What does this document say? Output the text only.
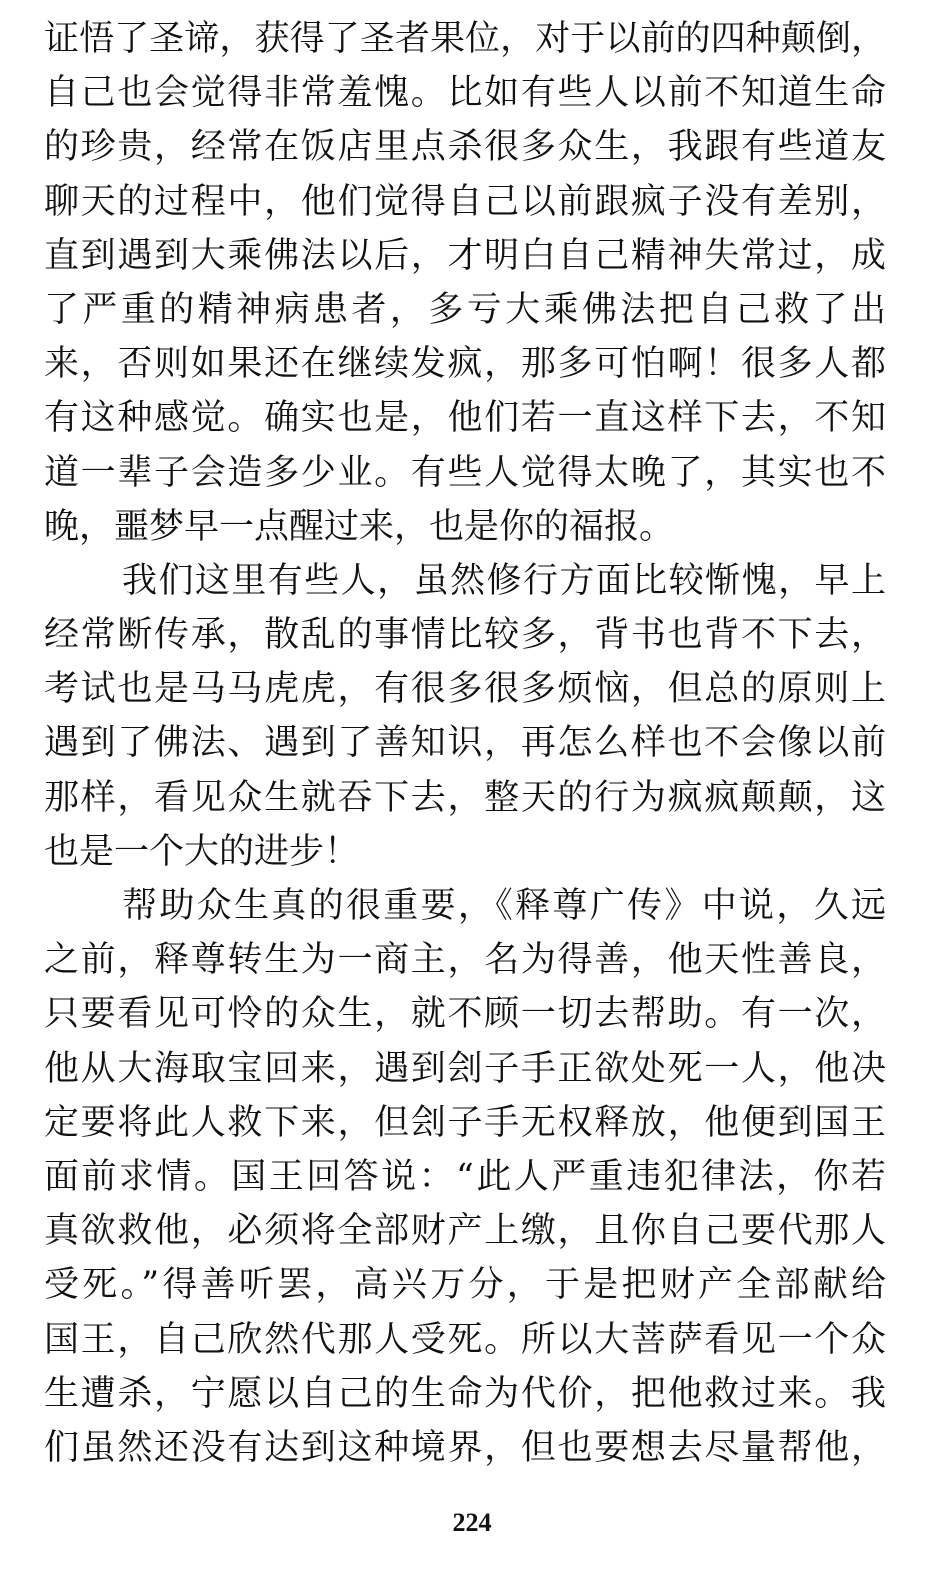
证悟了圣谛，获得了圣者果位，对于以前的四种颠倒，
自己也会觉得非常羞愧。比如有些人以前不知道生命
的珍贵，经常在饭店里点杀很多众生，我跟有些道友
聊天的过程中，他们觉得自己以前跟疯子没有差别，
直到遇到大乘佛法以后，才明白自己精神失常过，成
了严重的精神病患者，多亏大乘佛法把自己救了出
来，否则如果还在继续发疯，那多可怕啊！很多人都
有这种感觉。确实也是，他们若一直这样下去，不知
道一辈子会造多少业。有些人觉得太晚了，其实也不
晚，噩梦早一点醒过来，也是你的福报。
我们这里有些人，虽然修行方面比较惭愧，早上
经常断传承，散乱的事情比较多，背书也背不下去，
考试也是马马虎虎，有很多很多烦恼，但总的原则上
遇到了佛法、遇到了善知识，再怎么样也不会像以前
那样，看见众生就吞下去，整天的行为疯疯颠颠，这
也是一个大的进步！
帮助众生真的很重要，《释尊广传》中说，久远
之前，释尊转生为一商主，名为得善，他天性善良，
只要看见可怜的众生，就不顾一切去帮助。有一次，
他从大海取宝回来，遇到刽子手正欲处死一人，他决
定要将此人救下来，但刽子手无权释放，他便到国王
面前求情。国王回答说：“此人严重违犯律法，你若
真欲救他，必须将全部财产上缴，且你自己要代那人
受死。”得善听罢，高兴万分，于是把财产全部献给
国王，自己欣然代那人受死。所以大菩萨看见一个众
生遭杀，宁愿以自己的生命为代价，把他救过来。我
们虽然还没有达到这种境界，但也要想去尽量帮他，
224
